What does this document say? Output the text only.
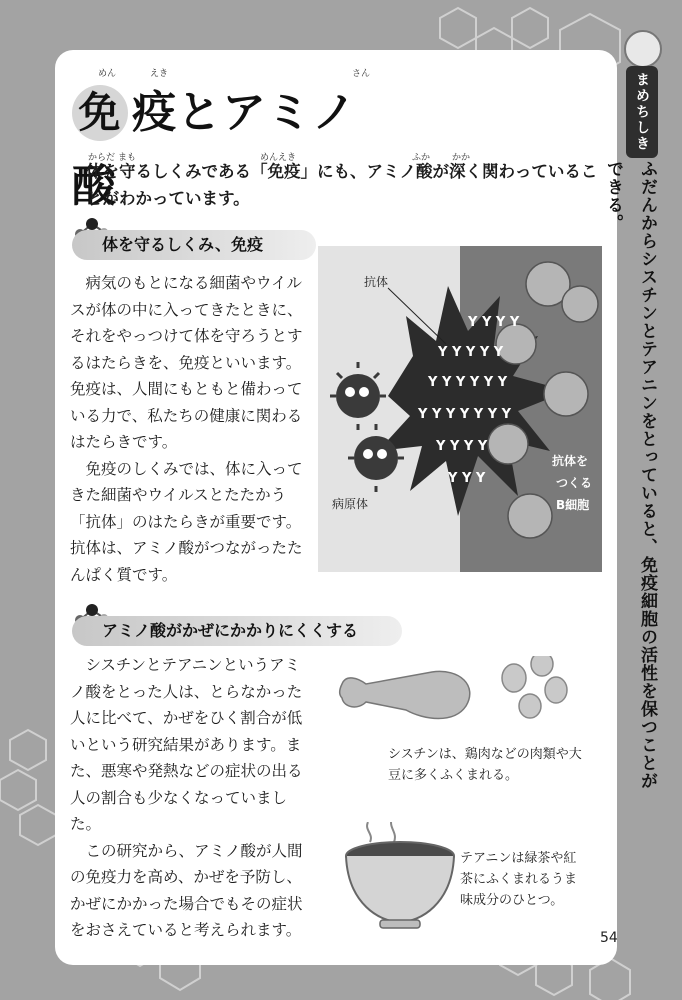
めん	えき	さん
免 疫とアミノ酸
からだ まも	めんえき	ふか かか
体を守るしくみである「免疫」にも、アミノ酸が深く関わっていることがわかっています。
体を守るしくみ、免疫

病気のもとになる細菌やウイルスが体の中に入ってきたときに、それをやっつけて体を守ろうとするはたらきを、免疫といいます。免疫は、人間にもともと備わっている力で、私たちの健康に関わるはたらきです。

免疫のしくみでは、体に入ってきた細菌やウイルスとたたかう「抗体」のはたらきが重要です。抗体は、アミノ酸がつながったたんぱく質です。

Y Y Y Y
Y Y Y Y Y
Y Y Y Y Y Y
Y Y Y Y Y Y Y
Y Y Y Y
Y Y Y
抗体
病原体
抗体を
つくる
B細胞
アミノ酸がかぜにかかりにくくする

シスチンとテアニンというアミノ酸をとった人は、とらなかった人に比べて、かぜをひく割合が低いという研究結果があります。また、悪寒や発熱などの症状の出る人の割合も少なくなっていました。

この研究から、アミノ酸が人間の免疫力を高め、かぜを予防し、かぜにかかった場合でもその症状をおさえていると考えられます。

シスチンは、鶏肉などの肉類や大豆に多くふくまれる。
テアニンは緑茶や紅茶にふくまれるうま味成分のひとつ。
54
まめちしき
ふだんからシスチンとテアニンをとっていると、免疫細胞の活性を保つことができる。
